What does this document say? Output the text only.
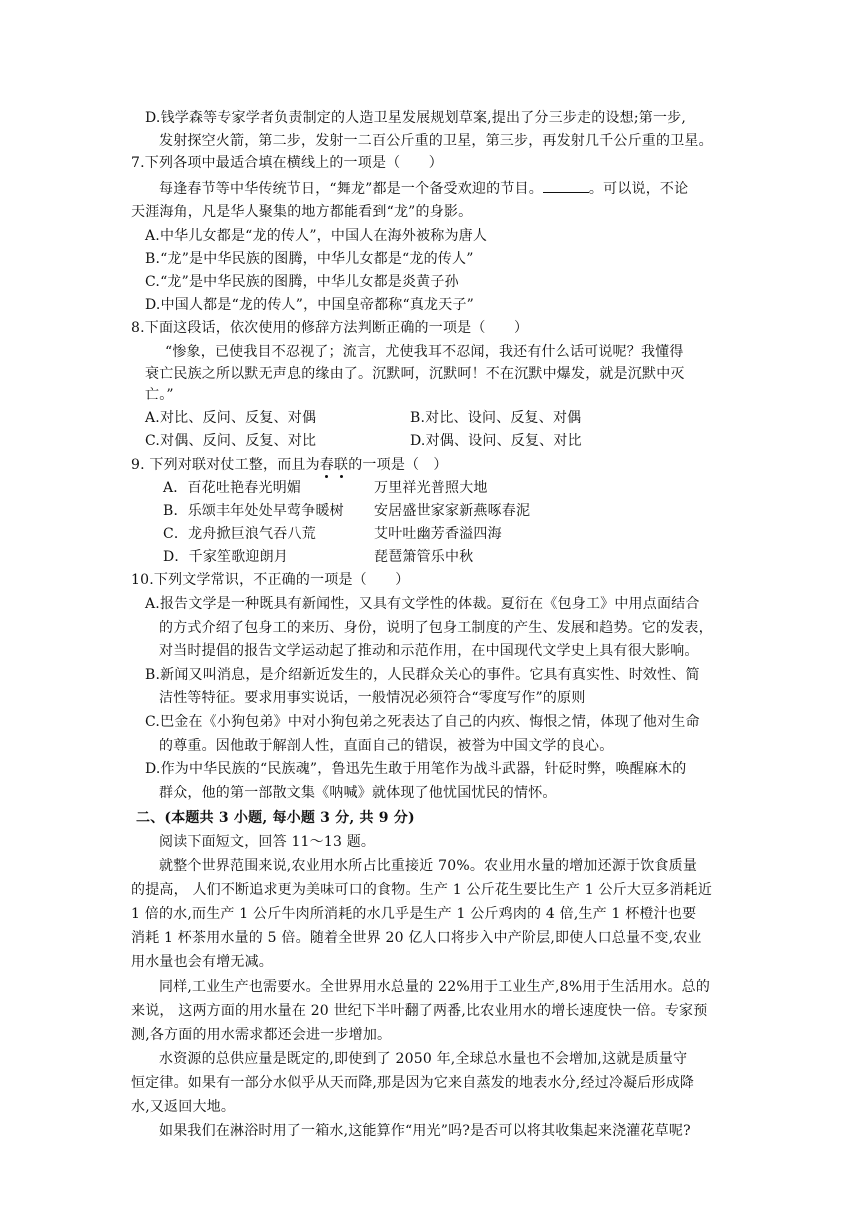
D.钱学森等专家学者负责制定的人造卫星发展规划草案,提出了分三步走的设想;第一步,
发射探空火箭，第二步，发射一二百公斤重的卫星，第三步，再发射几千公斤重的卫星。
7.下列各项中最适合填在横线上的一项是（　　）
每逢春节等中华传统节日，“舞龙”都是一个备受欢迎的节目。	。可以说，不论
天涯海角，凡是华人聚集的地方都能看到“龙”的身影。
A.中华儿女都是“龙的传人”，中国人在海外被称为唐人
B.“龙”是中华民族的图腾，中华儿女都是“龙的传人”
C.“龙”是中华民族的图腾，中华儿女都是炎黄子孙
D.中国人都是“龙的传人”，中国皇帝都称“真龙天子”
8.下面这段话，依次使用的修辞方法判断正确的一项是（　　）
“惨象，已使我目不忍视了；流言，尤使我耳不忍闻，我还有什么话可说呢？我懂得
衰亡民族之所以默无声息的缘由了。沉默呵，沉默呵！不在沉默中爆发，就是沉默中灭
亡。”
A.对比、反问、反复、对偶	B.对比、设问、反复、对偶
C.对偶、反问、反复、对比	D.对偶、设问、反复、对比
9. 下列对联对仗工整，而且为春
联
的一项是（　）
A．百花吐艳春光明媚	万里祥光普照大地
B．乐颂丰年处处早莺争暖树 安居盛世家家新燕啄春泥
C．龙舟掀巨浪气吞八荒	艾叶吐幽芳香溢四海
D．千家笙歌迎朗月	琵琶箫管乐中秋
10.下列文学常识，不正确的一项是（　　）
A.报告文学是一种既具有新闻性，又具有文学性的体裁。夏衍在《包身工》中用点面结合
的方式介绍了包身工的来历、身份，说明了包身工制度的产生、发展和趋势。它的发表，
对当时提倡的报告文学运动起了推动和示范作用，在中国现代文学史上具有很大影响。
B.新闻又叫消息，是介绍新近发生的，人民群众关心的事件。它具有真实性、时效性、简
洁性等特征。要求用事实说话，一般情况必须符合“零度写作”的原则
C.巴金在《小狗包弟》中对小狗包弟之死表达了自己的内疚、悔恨之情，体现了他对生命
的尊重。因他敢于解剖人性，直面自己的错误，被誉为中国文学的良心。
D.作为中华民族的“民族魂”，鲁迅先生敢于用笔作为战斗武器，针砭时弊，唤醒麻木的
群众，他的第一部散文集《呐喊》就体现了他忧国忧民的情怀。
二、(本题共 3 小题, 每小题 3 分, 共 9 分)
阅读下面短文，回答 11～13 题。
就整个世界范围来说,农业用水所占比重接近 70%。农业用水量的增加还源于饮食质量
的提高， 人们不断追求更为美味可口的食物。生产 1 公斤花生要比生产 1 公斤大豆多消耗近
1 倍的水,而生产 1 公斤牛肉所消耗的水几乎是生产 1 公斤鸡肉的 4 倍,生产 1 杯橙汁也要
消耗 1 杯茶用水量的 5 倍。随着全世界 20 亿人口将步入中产阶层,即使人口总量不变,农业
用水量也会有增无减。
同样,工业生产也需要水。全世界用水总量的 22%用于工业生产,8%用于生活用水。总的
来说， 这两方面的用水量在 20 世纪下半叶翻了两番,比农业用水的增长速度快一倍。专家预
测,各方面的用水需求都还会进一步增加。
水资源的总供应量是既定的,即使到了 2050 年,全球总水量也不会增加,这就是质量守
恒定律。如果有一部分水似乎从天而降,那是因为它来自蒸发的地表水分,经过冷凝后形成降
水,又返回大地。
如果我们在淋浴时用了一箱水,这能算作“用光”吗?是否可以将其收集起来浇灌花草呢?
